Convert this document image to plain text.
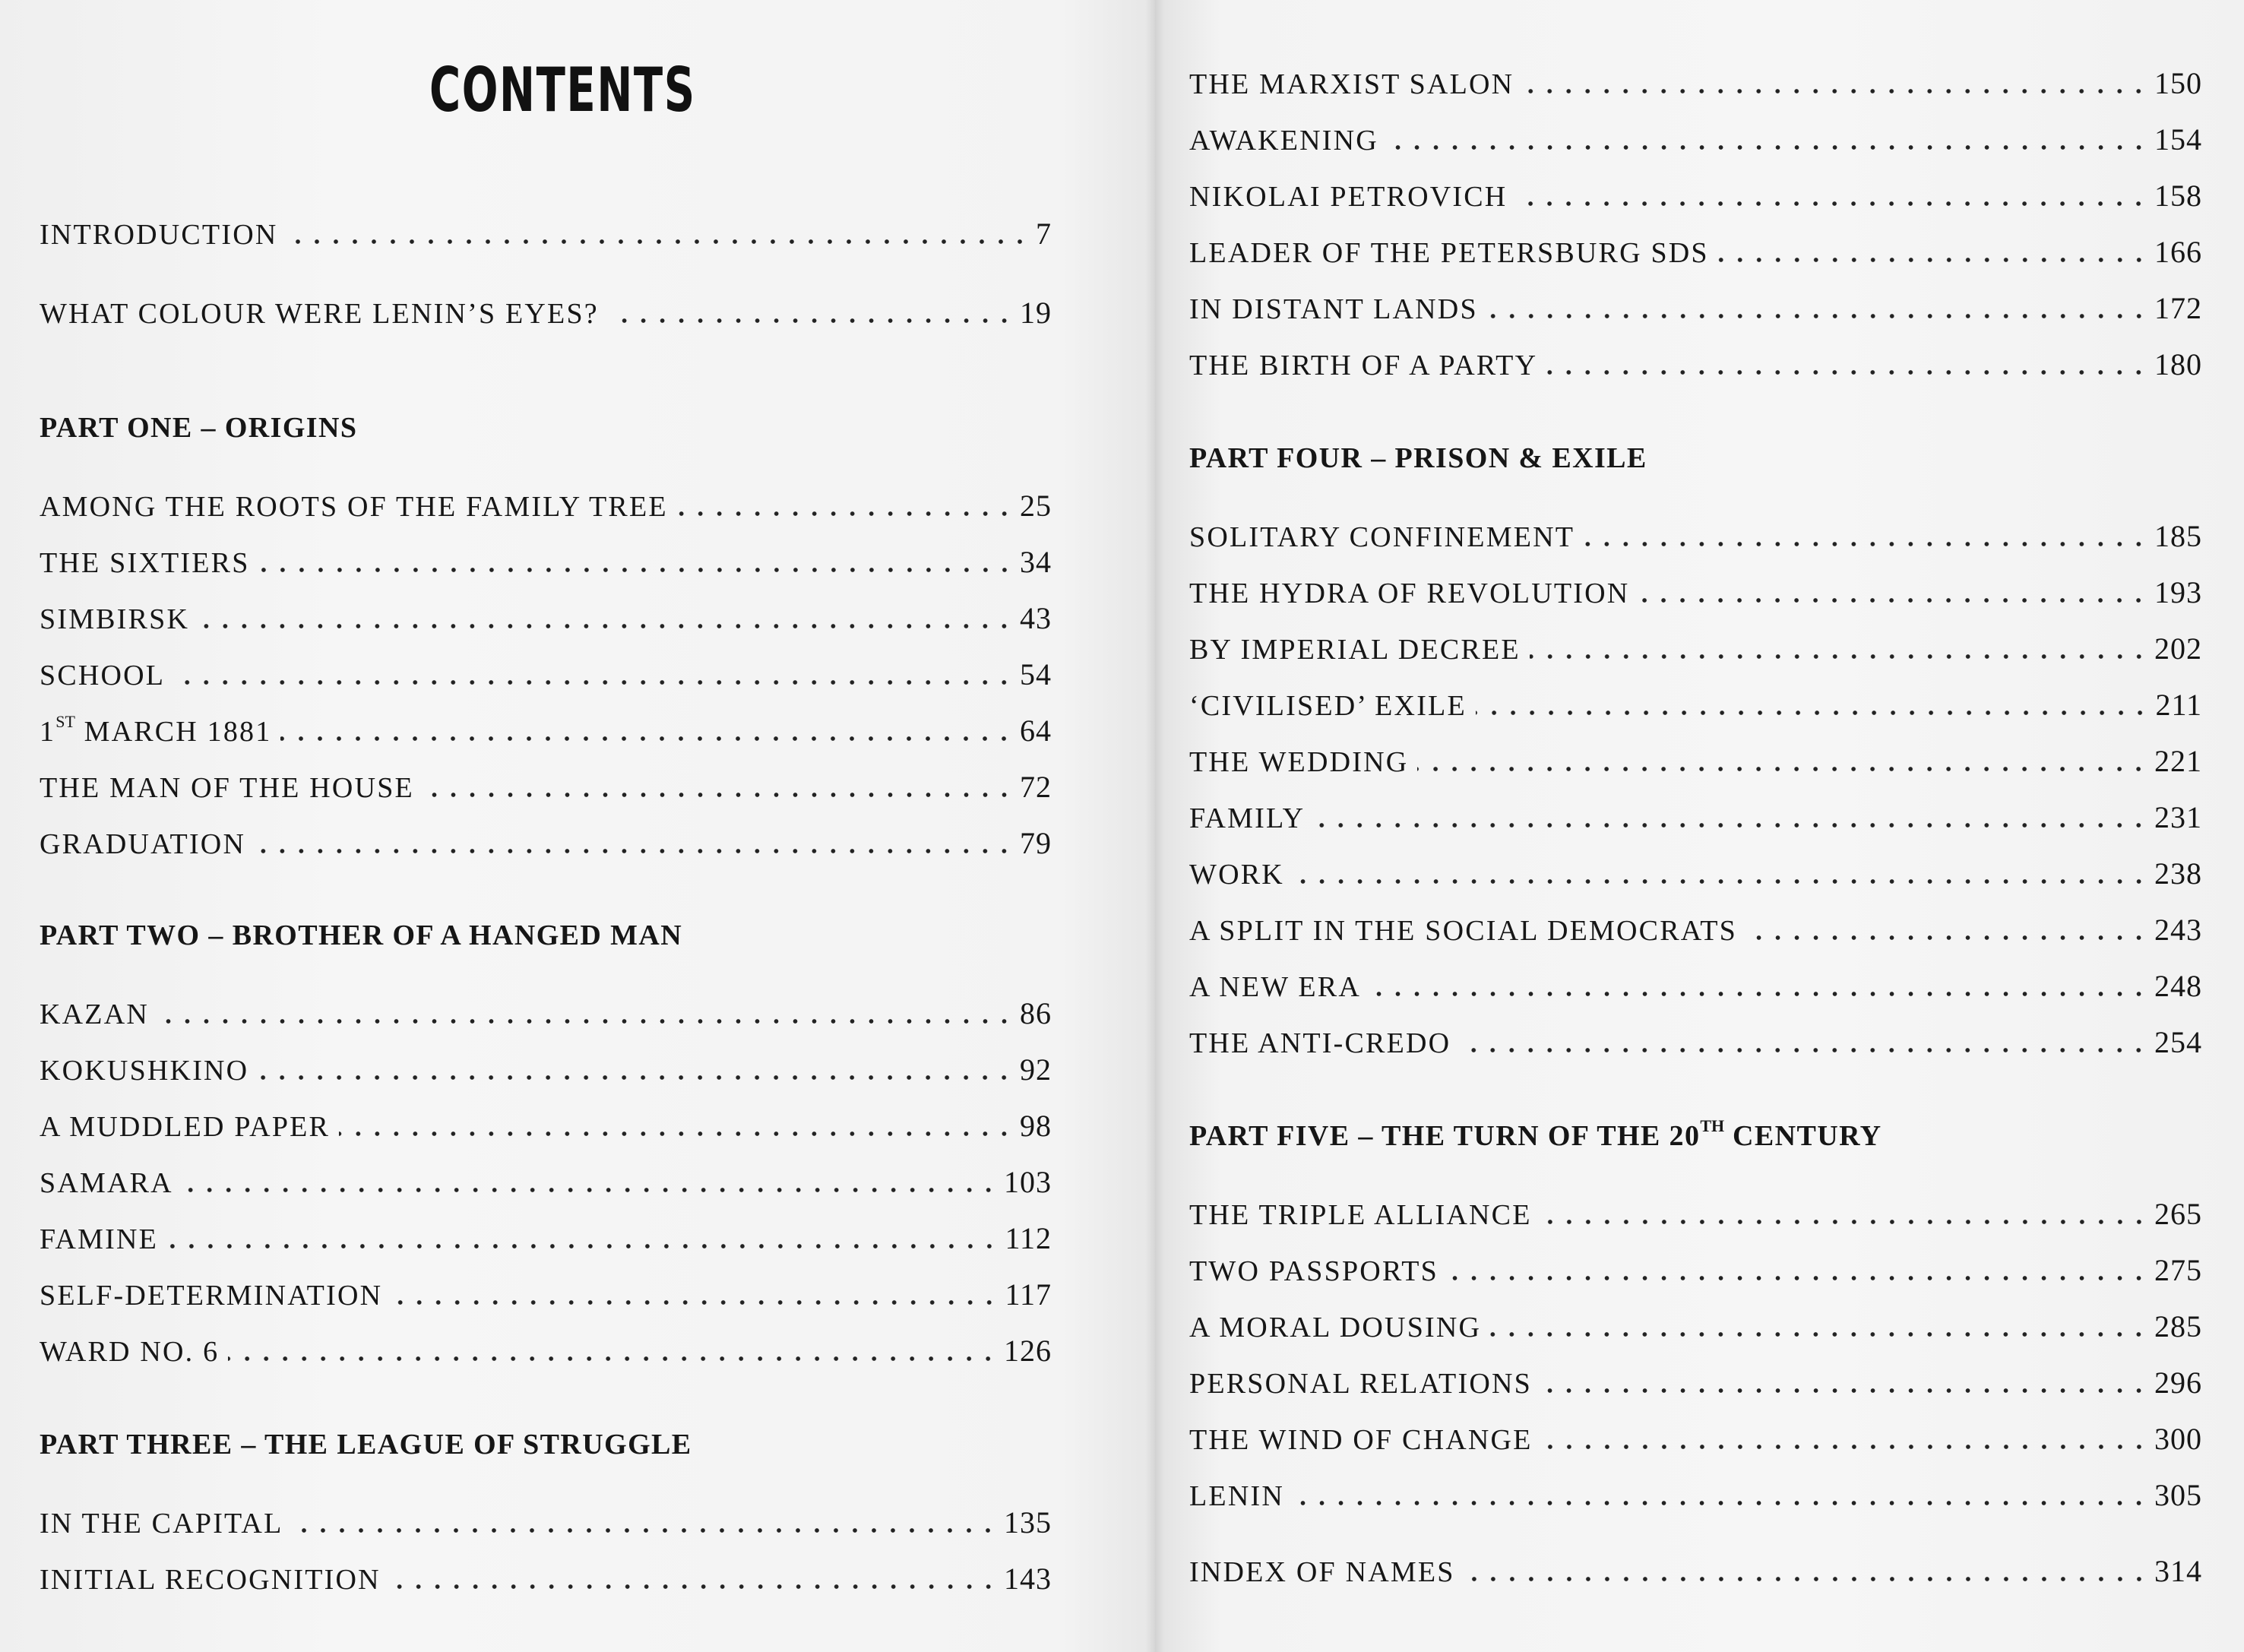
CONTENTS
INTRODUCTION	7
WHAT COLOUR WERE LENIN’S EYES?	19
PART ONE – ORIGINS
AMONG THE ROOTS OF THE FAMILY TREE	25
THE SIXTIERS	34
SIMBIRSK	43
SCHOOL	54
1ST MARCH 1881	64
THE MAN OF THE HOUSE	72
GRADUATION	79
PART TWO – BROTHER OF A HANGED MAN
KAZAN	86
KOKUSHKINO	92
A MUDDLED PAPER	98
SAMARA	103
FAMINE	112
SELF-DETERMINATION	117
WARD NO. 6	126
PART THREE – THE LEAGUE OF STRUGGLE
IN THE CAPITAL	135
INITIAL RECOGNITION	143
THE MARXIST SALON	150
AWAKENING	154
NIKOLAI PETROVICH	158
LEADER OF THE PETERSBURG SDS	166
IN DISTANT LANDS	172
THE BIRTH OF A PARTY	180
PART FOUR – PRISON & EXILE
SOLITARY CONFINEMENT	185
THE HYDRA OF REVOLUTION	193
BY IMPERIAL DECREE	202
‘CIVILISED’ EXILE	211
THE WEDDING	221
FAMILY	231
WORK	238
A SPLIT IN THE SOCIAL DEMOCRATS	243
A NEW ERA	248
THE ANTI-CREDO	254
PART FIVE – THE TURN OF THE 20TH CENTURY
THE TRIPLE ALLIANCE	265
TWO PASSPORTS	275
A MORAL DOUSING	285
PERSONAL RELATIONS	296
THE WIND OF CHANGE	300
LENIN	305
INDEX OF NAMES	314
